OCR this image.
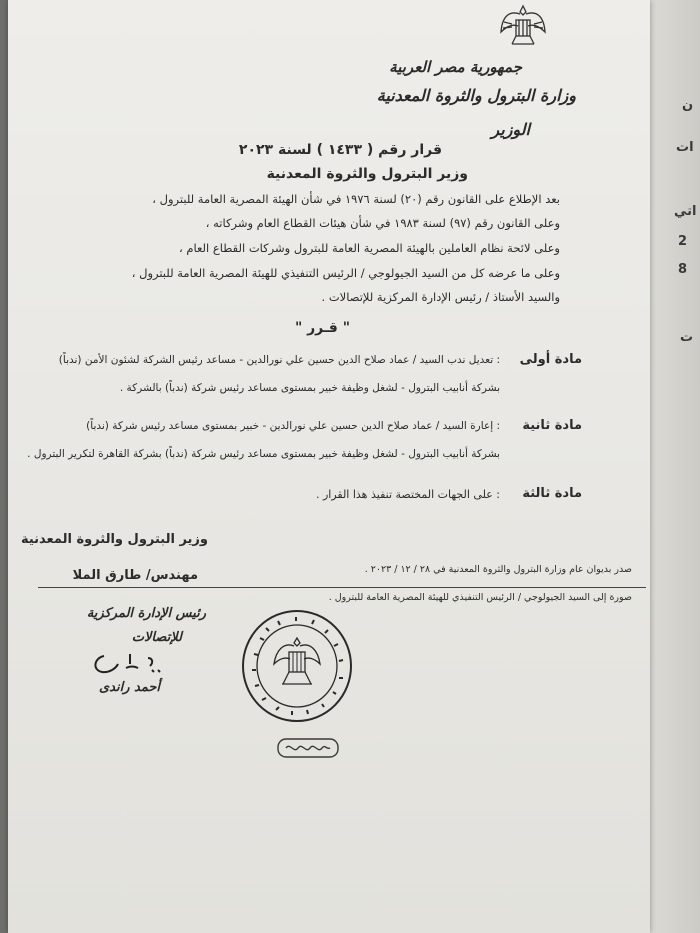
ن
ات
اتي
2
8
ت
جمهورية مصر العربية
وزارة البترول والثروة المعدنية
الوزير
قرار رقم ( ١٤٣٣ ) لسنة ٢٠٢٣
وزير البترول والثروة المعدنية
بعد الإطلاع على القانون رقم (٢٠) لسنة ١٩٧٦ في شأن الهيئة المصرية العامة للبترول ،
وعلى القانون رقم (٩٧) لسنة ١٩٨٣ في شأن هيئات القطاع العام وشركاته ،
وعلى لائحة نظام العاملين بالهيئة المصرية العامة للبترول وشركات القطاع العام ،
وعلى ما عرضه كل من السيد الجيولوجي / الرئيس التنفيذي للهيئة المصرية العامة للبترول ،
والسيد الأستاذ / رئيس الإدارة المركزية للإتصالات .
" قـرر "
مادة أولى
: تعديل ندب السيد / عماد صلاح الدين حسين علي نورالدين - مساعد رئيس الشركة لشئون الأمن (ندباً)
بشركة أنابيب البترول - لشغل وظيفة خبير بمستوى مساعد رئيس شركة (ندباً) بالشركة .
مادة ثانية
: إعارة السيد / عماد صلاح الدين حسين علي نورالدين - خبير بمستوى مساعد رئيس شركة (ندباً)
بشركة أنابيب البترول - لشغل وظيفة خبير بمستوى مساعد رئيس شركة (ندباً) بشركة القاهرة لتكرير البترول .
مادة ثالثة
: على الجهات المختصة تنفيذ هذا القرار .
وزير البترول والثروة المعدنية
مهندس/ طارق الملا	صدر بديوان عام وزارة البترول والثروة المعدنية في ٢٨ / ١٢ / ٢٠٢٣ .
صورة إلى السيد الجيولوجي / الرئيس التنفيذي للهيئة المصرية العامة للبترول .
رئيس الإدارة المركزية
للإتصالات
أحمد راندى
